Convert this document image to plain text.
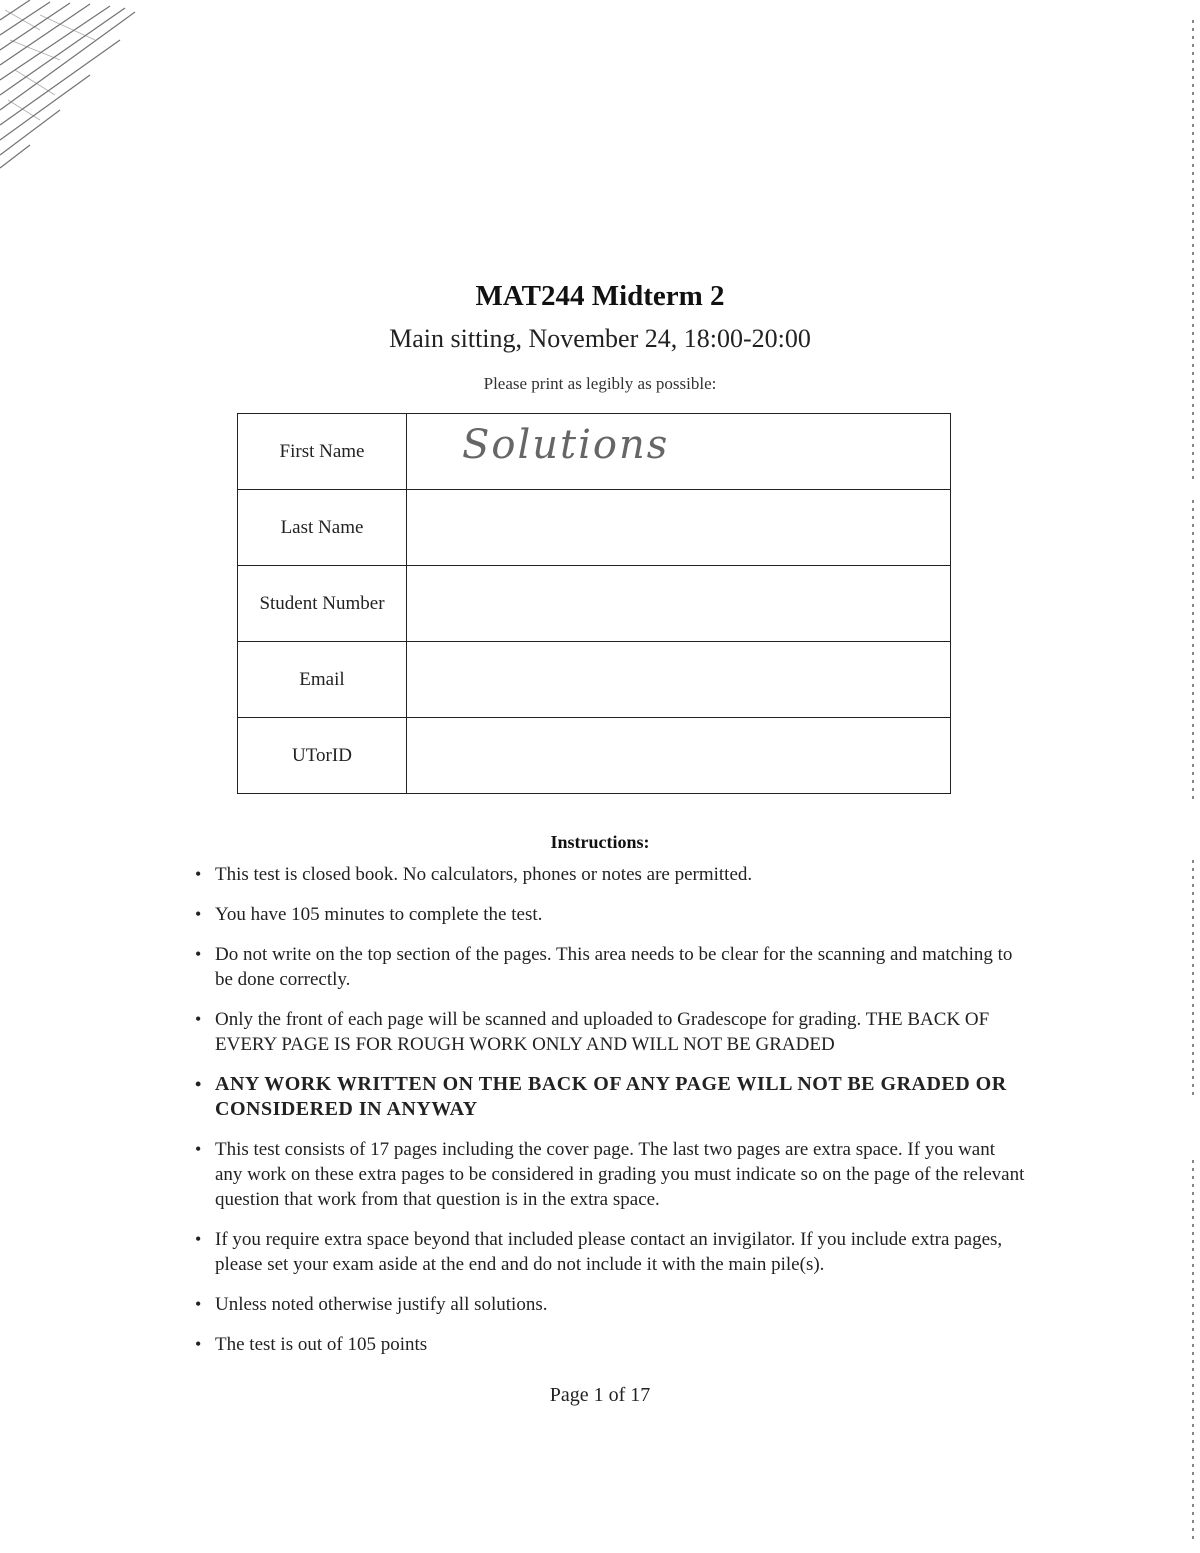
MAT244 Midterm 2
Main sitting, November 24, 18:00-20:00
Please print as legibly as possible:
First Name	Solutions

Last Name	
Student Number	
Email	
UTorID	
Instructions:
• This test is closed book. No calculators, phones or notes are permitted.
• You have 105 minutes to complete the test.
• Do not write on the top section of the pages. This area needs to be clear for the scanning and matching to be done correctly.
• Only the front of each page will be scanned and uploaded to Gradescope for grading. THE BACK OF EVERY PAGE IS FOR ROUGH WORK ONLY AND WILL NOT BE GRADED
• ANY WORK WRITTEN ON THE BACK OF ANY PAGE WILL NOT BE GRADED OR CONSIDERED IN ANYWAY
• This test consists of 17 pages including the cover page. The last two pages are extra space. If you want any work on these extra pages to be considered in grading you must indicate so on the page of the relevant question that work from that question is in the extra space.
• If you require extra space beyond that included please contact an invigilator. If you include extra pages, please set your exam aside at the end and do not include it with the main pile(s).
• Unless noted otherwise justify all solutions.
• The test is out of 105 points
Page 1 of 17
